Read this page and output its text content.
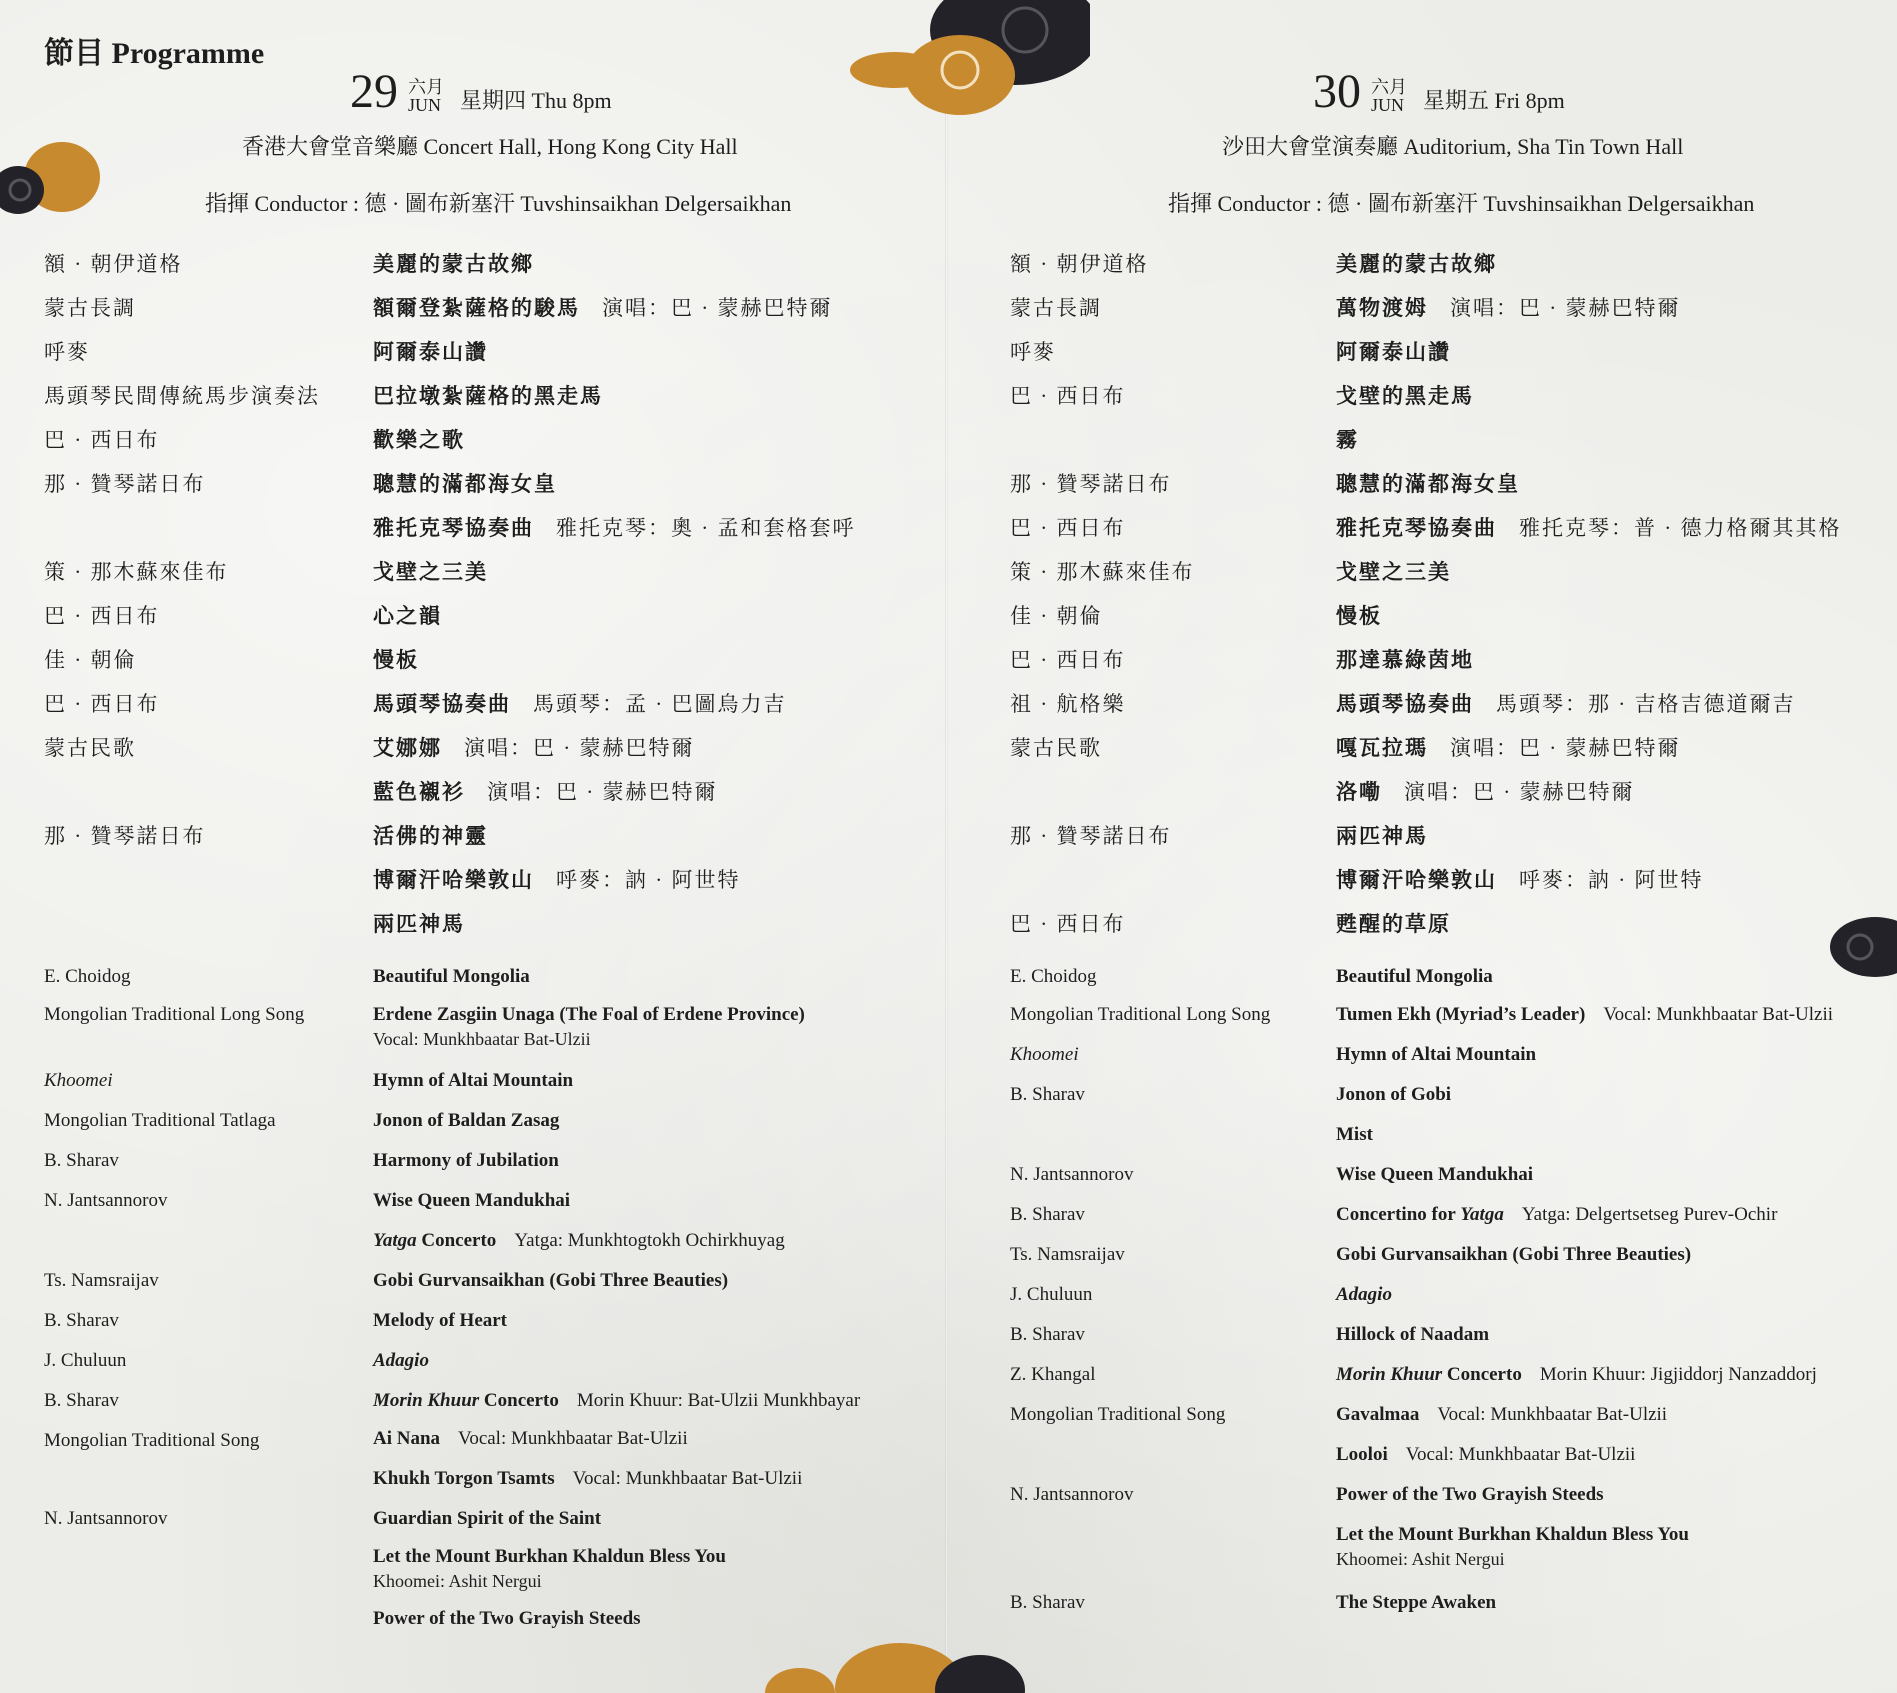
節目 Programme
29 六月
JUN 星期四 Thu 8pm
香港大會堂音樂廳 Concert Hall, Hong Kong City Hall
指揮 Conductor : 德 · 圖布新塞汗 Tuvshinsaikhan Delgersaikhan
30 六月
JUN 星期五 Fri 8pm
沙田大會堂演奏廳 Auditorium, Sha Tin Town Hall
指揮 Conductor : 德 · 圖布新塞汗 Tuvshinsaikhan Delgersaikhan
額 · 朝伊道格
蒙古長調
呼麥
馬頭琴民間傳統馬步演奏法
巴 · 西日布
那 · 贊琴諾日布
策 · 那木蘇來佳布
巴 · 西日布
佳 · 朝倫
巴 · 西日布
蒙古民歌
那 · 贊琴諾日布
美麗的蒙古故鄉
額爾登紮薩格的駿馬 演唱：巴 · 蒙赫巴特爾
阿爾泰山讚
巴拉墩紮薩格的黑走馬
歡樂之歌
聰慧的滿都海女皇
雅托克琴協奏曲 雅托克琴：奧 · 孟和套格套呼
戈壁之三美
心之韻
慢板
馬頭琴協奏曲 馬頭琴：孟 · 巴圖烏力吉
艾娜娜 演唱：巴 · 蒙赫巴特爾
藍色襯衫 演唱：巴 · 蒙赫巴特爾
活佛的神靈
博爾汗哈樂敦山 呼麥：訥 · 阿世特
兩匹神馬
E. Choidog
Mongolian Traditional Long Song
Khoomei
Mongolian Traditional Tatlaga
B. Sharav
N. Jantsannorov
Ts. Namsraijav
B. Sharav
J. Chuluun
B. Sharav
Mongolian Traditional Song
N. Jantsannorov
Beautiful Mongolia
Erdene Zasgiin Unaga (The Foal of Erdene Province)
Vocal: Munkhbaatar Bat-Ulzii
Hymn of Altai Mountain
Jonon of Baldan Zasag
Harmony of Jubilation
Wise Queen Mandukhai
Yatga Concerto Yatga: Munkhtogtokh Ochirkhuyag
Gobi Gurvansaikhan (Gobi Three Beauties)
Melody of Heart
Adagio
Morin Khuur Concerto Morin Khuur: Bat-Ulzii Munkhbayar
Ai Nana Vocal: Munkhbaatar Bat-Ulzii
Khukh Torgon Tsamts Vocal: Munkhbaatar Bat-Ulzii
Guardian Spirit of the Saint
Let the Mount Burkhan Khaldun Bless You
Khoomei: Ashit Nergui
Power of the Two Grayish Steeds
額 · 朝伊道格
蒙古長調
呼麥
巴 · 西日布
那 · 贊琴諾日布
巴 · 西日布
策 · 那木蘇來佳布
佳 · 朝倫
巴 · 西日布
祖 · 航格樂
蒙古民歌
那 · 贊琴諾日布
巴 · 西日布
美麗的蒙古故鄉
萬物渡姆 演唱：巴 · 蒙赫巴特爾
阿爾泰山讚
戈壁的黑走馬
霧
聰慧的滿都海女皇
雅托克琴協奏曲 雅托克琴：普 · 德力格爾其其格
戈壁之三美
慢板
那達慕綠茵地
馬頭琴協奏曲 馬頭琴：那 · 吉格吉德道爾吉
嘎瓦拉瑪 演唱：巴 · 蒙赫巴特爾
洛嘞 演唱：巴 · 蒙赫巴特爾
兩匹神馬
博爾汗哈樂敦山 呼麥：訥 · 阿世特
甦醒的草原
E. Choidog
Mongolian Traditional Long Song
Khoomei
B. Sharav
N. Jantsannorov
B. Sharav
Ts. Namsraijav
J. Chuluun
B. Sharav
Z. Khangal
Mongolian Traditional Song
N. Jantsannorov
B. Sharav
Beautiful Mongolia
Tumen Ekh (Myriad’s Leader) Vocal: Munkhbaatar Bat-Ulzii
Hymn of Altai Mountain
Jonon of Gobi
Mist
Wise Queen Mandukhai
Concertino for Yatga Yatga: Delgertsetseg Purev-Ochir
Gobi Gurvansaikhan (Gobi Three Beauties)
Adagio
Hillock of Naadam
Morin Khuur Concerto Morin Khuur: Jigjiddorj Nanzaddorj
Gavalmaa Vocal: Munkhbaatar Bat-Ulzii
Looloi Vocal: Munkhbaatar Bat-Ulzii
Power of the Two Grayish Steeds
Let the Mount Burkhan Khaldun Bless You
Khoomei: Ashit Nergui
The Steppe Awaken
